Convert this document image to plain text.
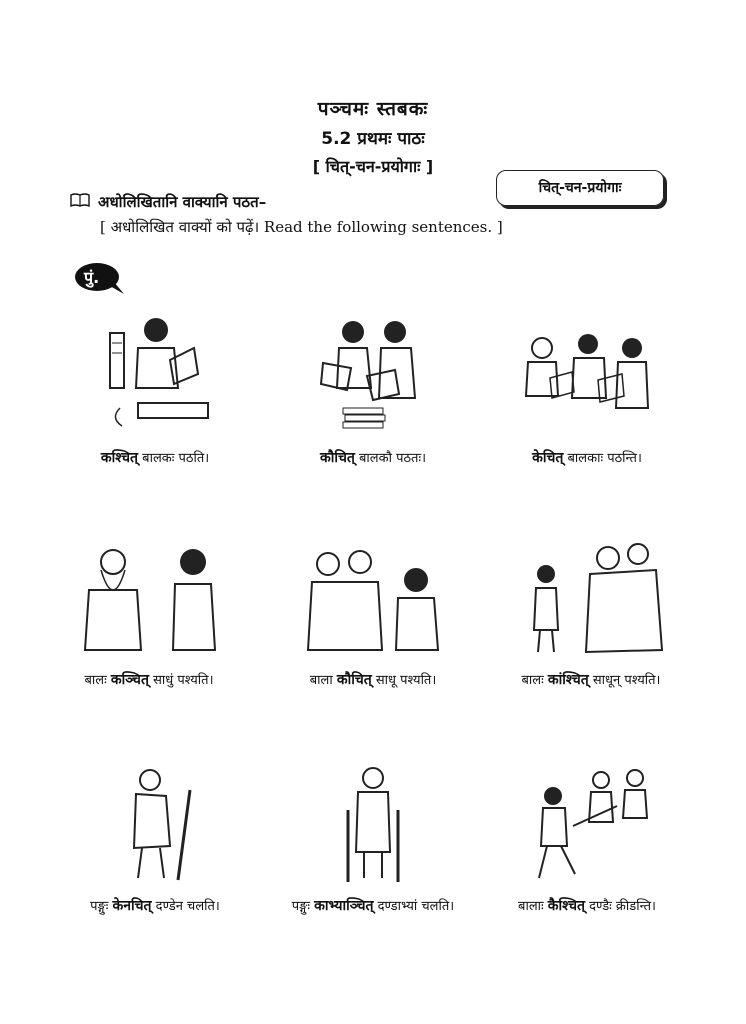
पञ्चमः स्तबकः
5.2 प्रथमः पाठः
[ चित्-चन-प्रयोगाः ]
चित्-चन-प्रयोगाः
अधोलिखितानि वाक्यानि पठत–
[ अधोलिखित वाक्यों को पढ़ें। Read the following sentences. ]
पुं.
कश्चित् बालकः पठति।	कौचित् बालकौ पठतः।	केचित् बालकाः पठन्ति।
बालः कञ्चित् साधुं पश्यति।	बाला कौचित् साधू पश्यति।	बालः कांश्चित् साधून् पश्यति।
पङ्गुः केनचित् दण्डेन चलति।	पङ्गुः काभ्याञ्चित् दण्डाभ्यां चलति।	बालाः कैश्चित् दण्डैः क्रीडन्ति।
